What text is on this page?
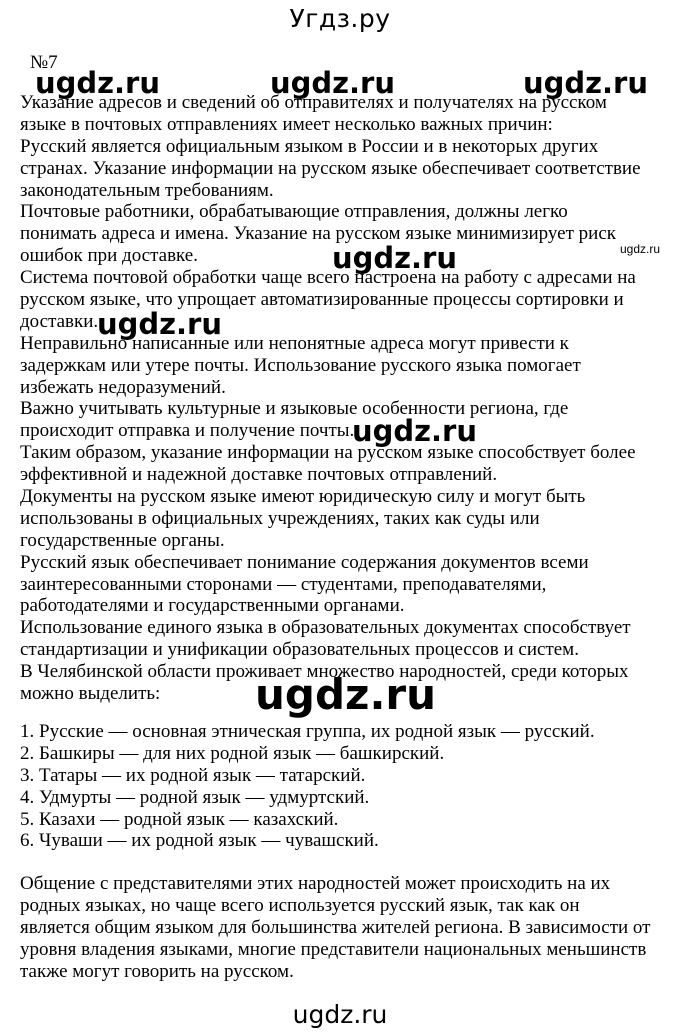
Угдз.ру
№7
Указание адресов и сведений об отправителях и получателях на русском
языке в почтовых отправлениях имеет несколько важных причин:
Русский является официальным языком в России и в некоторых других
странах. Указание информации на русском языке обеспечивает соответствие
законодательным требованиям.
Почтовые работники, обрабатывающие отправления, должны легко
понимать адреса и имена. Указание на русском языке минимизирует риск
ошибок при доставке.
Система почтовой обработки чаще всего настроена на работу с адресами на
русском языке, что упрощает автоматизированные процессы сортировки и
доставки.
Неправильно написанные или непонятные адреса могут привести к
задержкам или утере почты. Использование русского языка помогает
избежать недоразумений.
Важно учитывать культурные и языковые особенности региона, где
происходит отправка и получение почты.
Таким образом, указание информации на русском языке способствует более
эффективной и надежной доставке почтовых отправлений.
Документы на русском языке имеют юридическую силу и могут быть
использованы в официальных учреждениях, таких как суды или
государственные органы.
Русский язык обеспечивает понимание содержания документов всеми
заинтересованными сторонами — студентами, преподавателями,
работодателями и государственными органами.
Использование единого языка в образовательных документах способствует
стандартизации и унификации образовательных процессов и систем.
В Челябинской области проживает множество народностей, среди которых
можно выделить:
1. Русские — основная этническая группа, их родной язык — русский.
2. Башкиры — для них родной язык — башкирский.
3. Татары — их родной язык — татарский.
4. Удмурты — родной язык — удмуртский.
5. Казахи — родной язык — казахский.
6. Чуваши — их родной язык — чувашский.
Общение с представителями этих народностей может происходить на их
родных языках, но чаще всего используется русский язык, так как он
является общим языком для большинства жителей региона. В зависимости от
уровня владения языками, многие представители национальных меньшинств
также могут говорить на русском.
ugdz.ru	ugdz.ru	ugdz.ru
ugdz.ru
ugdz.ru
ugdz.ru
ugdz.ru
ugdz.ru
ugdz.ru
